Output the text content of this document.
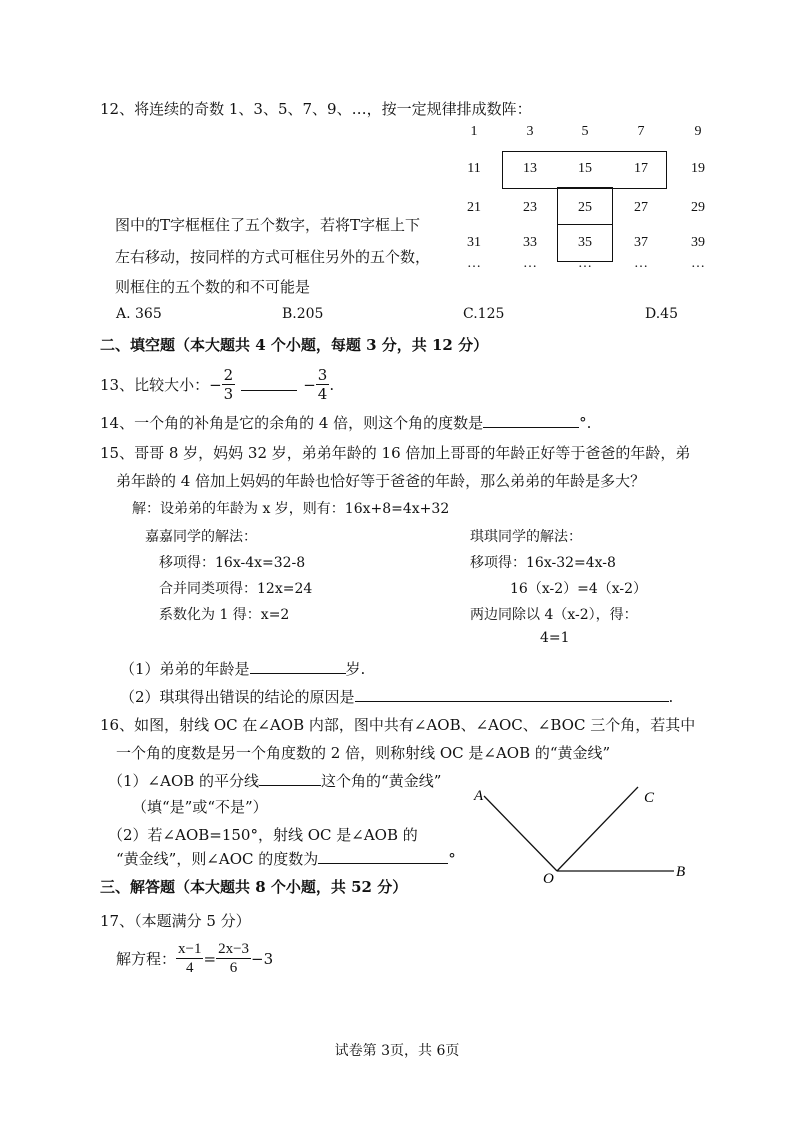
12、将连续的奇数 1、3、5、7、9、…，按一定规律排成数阵：
1	3	5	7	9
11	13	15	17	19
21	23	25	27	29
31	33	35	37	39
…	…	…	…	…
图中的T字框框住了五个数字，若将T字框上下
左右移动，按同样的方式可框住另外的五个数，
则框住的五个数的和不可能是
A. 365	B.205	C.125	D.45
二、填空题（本大题共 4 个小题，每题 3 分，共 12 分）
13、比较大小： − $\frac{2}{3}$	− $\frac{3}{4}$ .
14、一个角的补角是它的余角的 4 倍，则这个角的度数是	°.
15、哥哥 8 岁，妈妈 32 岁，弟弟年龄的 16 倍加上哥哥的年龄正好等于爸爸的年龄，弟
弟年龄的 4 倍加上妈妈的年龄也恰好等于爸爸的年龄，那么弟弟的年龄是多大？
解：设弟弟的年龄为 x 岁，则有：16x+8=4x+32
嘉嘉同学的解法：
移项得：16x-4x=32-8
合并同类项得：12x=24
系数化为 1 得：x=2
琪琪同学的解法：
移项得：16x-32=4x-8
16（x-2）=4（x-2）
两边同除以 4（x-2），得：
4=1
（1）弟弟的年龄是	岁.
（2）琪琪得出错误的结论的原因是	.
16、如图，射线 OC 在∠AOB 内部，图中共有∠AOB、∠AOC、∠BOC 三个角，若其中
一个角的度数是另一个角度数的 2 倍，则称射线 OC 是∠AOB 的“黄金线”
（1）∠AOB 的平分线	这个角的“黄金线”
（填“是”或“不是”）
（2）若∠AOB=150°，射线 OC 是∠AOB 的
“黄金线”，则∠AOC 的度数为	°
A	C
O	B
三、解答题（本大题共 8 个小题，共 52 分）
17、（本题满分 5 分）
解方程： $\frac{x-1}{4} = \frac{2x-3}{6} -3$
试卷第 3页，共 6页
